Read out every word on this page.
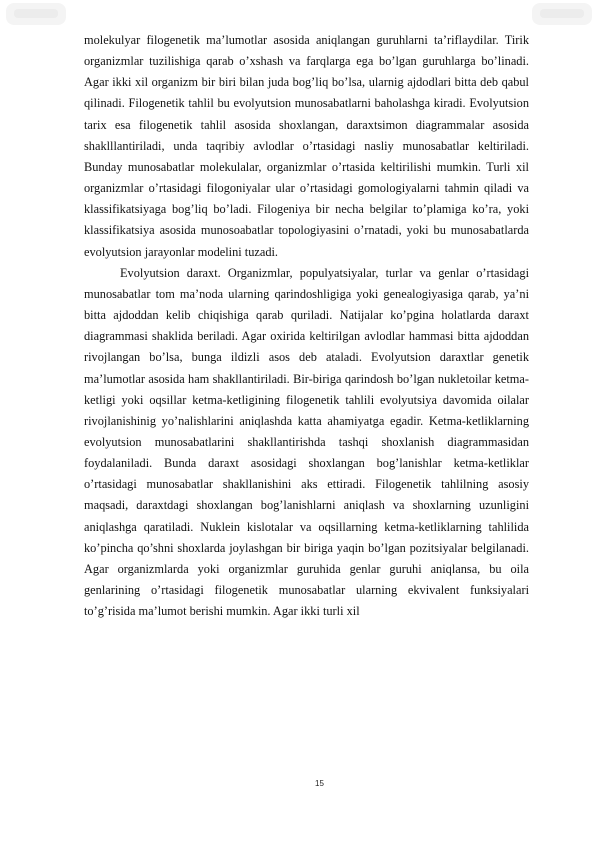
molekulyar filogenetik ma’lumotlar asosida aniqlangan guruhlarni ta’riflaydilar. Tirik organizmlar tuzilishiga qarab o’xshash va farqlarga ega bo’lgan guruhlarga bo’linadi. Agar ikki xil organizm bir biri bilan juda bog’liq bo’lsa, ularnig ajdodlari bitta deb qabul qilinadi. Filogenetik tahlil bu evolyutsion munosabatlarni baholashga kiradi. Evolyutsion tarix esa filogenetik tahlil asosida shoxlangan, daraxtsimon diagrammalar asosida shaklllantiriladi, unda taqribiy avlodlar o’rtasidagi nasliy munosabatlar keltiriladi. Bunday munosabatlar molekulalar, organizmlar o’rtasida keltirilishi mumkin. Turli xil organizmlar o’rtasidagi filogoniyalar ular o’rtasidagi gomologiyalarni tahmin qiladi va klassifikatsiyaga bog’liq bo’ladi. Filogeniya bir necha belgilar to’plamiga ko’ra, yoki klassifikatsiya asosida munosoabatlar topologiyasini o’rnatadi, yoki bu munosabatlarda evolyutsion jarayonlar modelini tuzadi.

Evolyutsion daraxt. Organizmlar, populyatsiyalar, turlar va genlar o’rtasidagi munosabatlar tom ma’noda ularning qarindoshligiga yoki genealogiyasiga qarab, ya’ni bitta ajdoddan kelib chiqishiga qarab quriladi. Natijalar ko’pgina holatlarda daraxt diagrammasi shaklida beriladi. Agar oxirida keltirilgan avlodlar hammasi bitta ajdoddan rivojlangan bo’lsa, bunga ildizli asos deb ataladi. Evolyutsion daraxtlar genetik ma’lumotlar asosida ham shakllantiriladi. Bir-biriga qarindosh bo’lgan nukletoilar ketma-ketligi yoki oqsillar ketma-ketligining filogenetik tahlili evolyutsiya davomida oilalar rivojlanishinig yo’nalishlarini aniqlashda katta ahamiyatga egadir. Ketma-ketliklarning evolyutsion munosabatlarini shakllantirishda tashqi shoxlanish diagrammasidan foydalaniladi. Bunda daraxt asosidagi shoxlangan bog’lanishlar ketma-ketliklar o’rtasidagi munosabatlar shakllanishini aks ettiradi. Filogenetik tahlilning asosiy maqsadi, daraxtdagi shoxlangan bog’lanishlarni aniqlash va shoxlarning uzunligini aniqlashga qaratiladi. Nuklein kislotalar va oqsillarning ketma-ketliklarning tahlilida ko’pincha qo’shni shoxlarda joylashgan bir biriga yaqin bo’lgan pozitsiyalar belgilanadi. Agar organizmlarda yoki organizmlar guruhida genlar guruhi aniqlansa, bu oila genlarining o’rtasidagi filogenetik munosabatlar ularning ekvivalent funksiyalari to’g’risida ma’lumot berishi mumkin. Agar ikki turli xil

15
